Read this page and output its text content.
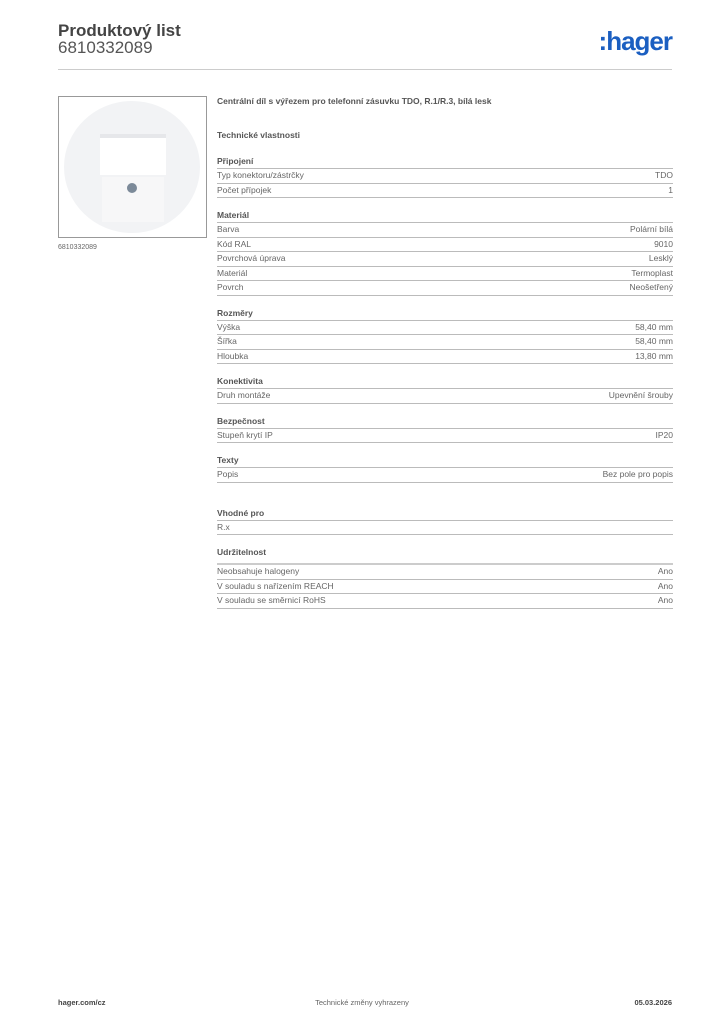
Produktový list
6810332089	:hager
6810332089
Centrální díl s výřezem pro telefonní zásuvku TDO, R.1/R.3, bílá lesk
Technické vlastnosti
Připojení
Typ konektoru/zástrčky	TDO
Počet přípojek	1
Materiál
Barva	Polární bílá
Kód RAL	9010
Povrchová úprava	Lesklý
Materiál	Termoplast
Povrch	Neošetřený
Rozměry
Výška	58,40 mm
Šířka	58,40 mm
Hloubka	13,80 mm
Konektivita
Druh montáže	Upevnění šrouby
Bezpečnost
Stupeň krytí IP	IP20
Texty
Popis	Bez pole pro popis
Vhodné pro
R.x
Udržitelnost
Neobsahuje halogeny	Ano
V souladu s nařízením REACH	Ano
V souladu se směrnicí RoHS	Ano
hager.com/cz	Technické změny vyhrazeny	05.03.2026
